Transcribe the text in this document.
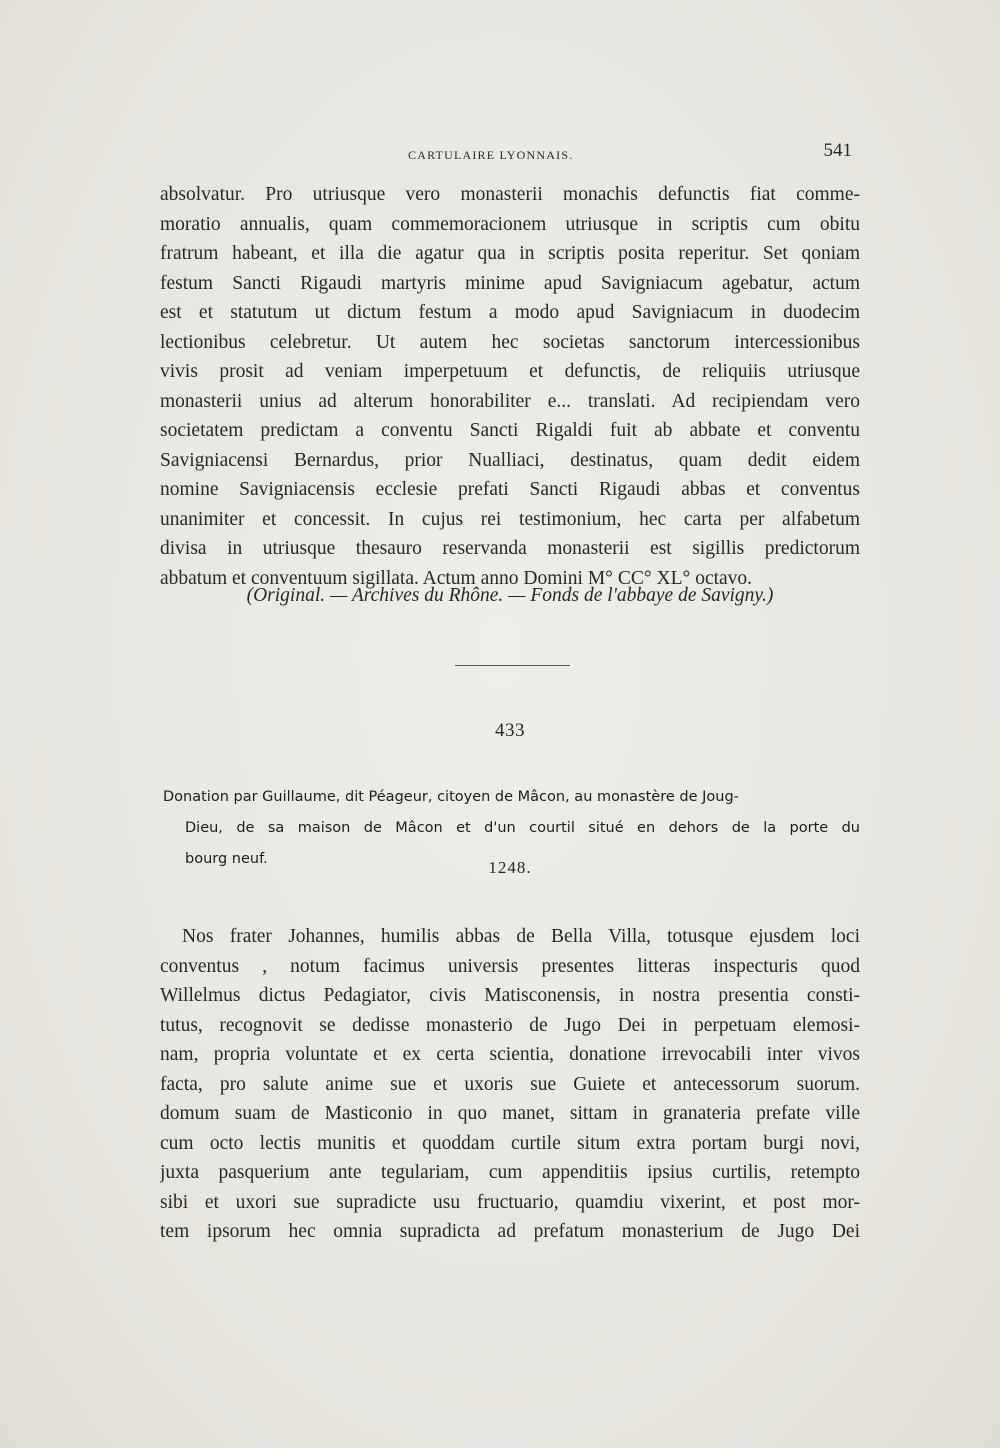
CARTULAIRE LYONNAIS.	541
absolvatur. Pro utriusque vero monasterii monachis defunctis fiat comme-
moratio annualis, quam commemoracionem utriusque in scriptis cum obitu
fratrum habeant, et illa die agatur qua in scriptis posita reperitur. Set qoniam
festum Sancti Rigaudi martyris minime apud Savigniacum agebatur, actum
est et statutum ut dictum festum a modo apud Savigniacum in duodecim
lectionibus celebretur. Ut autem hec societas sanctorum intercessionibus
vivis prosit ad veniam imperpetuum et defunctis, de reliquiis utriusque
monasterii unius ad alterum honorabiliter e... translati. Ad recipiendam vero
societatem predictam a conventu Sancti Rigaldi fuit ab abbate et conventu
Savigniacensi Bernardus, prior Nualliaci, destinatus, quam dedit eidem
nomine Savigniacensis ecclesie prefati Sancti Rigaudi abbas et conventus
unanimiter et concessit. In cujus rei testimonium, hec carta per alfabetum
divisa in utriusque thesauro reservanda monasterii est sigillis predictorum
abbatum et conventuum sigillata. Actum anno Domini M° CC° XL° octavo.
(Original. — Archives du Rhône. — Fonds de l'abbaye de Savigny.)
433
Donation par Guillaume, dit Péageur, citoyen de Mâcon, au monastère de Joug-
Dieu, de sa maison de Mâcon et d'un courtil situé en dehors de la porte du
bourg neuf.	1248.
Nos frater Johannes, humilis abbas de Bella Villa, totusque ejusdem loci
conventus , notum facimus universis presentes litteras inspecturis quod
Willelmus dictus Pedagiator, civis Matisconensis, in nostra presentia consti-
tutus, recognovit se dedisse monasterio de Jugo Dei in perpetuam elemosi-
nam, propria voluntate et ex certa scientia, donatione irrevocabili inter vivos
facta, pro salute anime sue et uxoris sue Guiete et antecessorum suorum.
domum suam de Masticonio in quo manet, sittam in granateria prefate ville
cum octo lectis munitis et quoddam curtile situm extra portam burgi novi,
juxta pasquerium ante tegulariam, cum appenditiis ipsius curtilis, retempto
sibi et uxori sue supradicte usu fructuario, quamdiu vixerint, et post mor-
tem ipsorum hec omnia supradicta ad prefatum monasterium de Jugo Dei
